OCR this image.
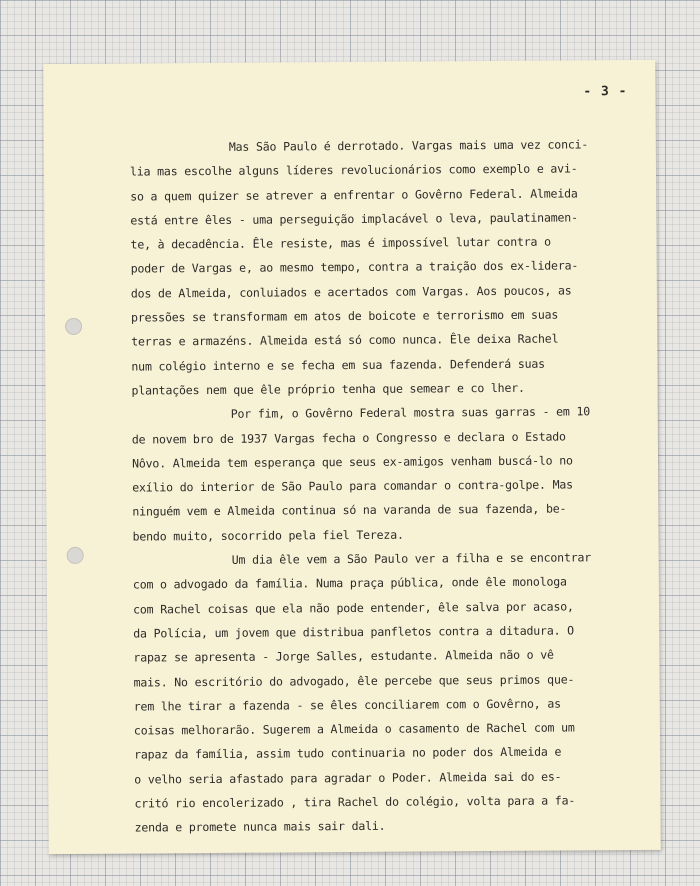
- 3 -
Mas São Paulo é derrotado. Vargas mais uma vez conci-
lia mas escolhe alguns líderes revolucionários como exemplo e avi-
so a quem quizer se atrever a enfrentar o Govêrno Federal. Almeida
está entre êles - uma perseguição implacável o leva, paulatinamen-
te, à decadência. Êle resiste, mas é impossível lutar contra o
poder de Vargas e, ao mesmo tempo, contra a traição dos ex-lidera-
dos de Almeida, conluiados e acertados com Vargas. Aos poucos, as
pressões se transformam em atos de boicote e terrorismo em suas
terras e armazéns. Almeida está só como nunca. Êle deixa Rachel
num colégio interno e se fecha em sua fazenda. Defenderá suas
plantações nem que êle próprio tenha que semear e co lher.
Por fim, o Govêrno Federal mostra suas garras - em 10
de novem bro de 1937 Vargas fecha o Congresso e declara o Estado
Nôvo. Almeida tem esperança que seus ex-amigos venham buscá-lo no
exílio do interior de São Paulo para comandar o contra-golpe. Mas
ninguém vem e Almeida continua só na varanda de sua fazenda, be-
bendo muito, socorrido pela fiel Tereza.
Um dia êle vem a São Paulo ver a filha e se encontrar
com o advogado da família. Numa praça pública, onde êle monologa
com Rachel coisas que ela não pode entender, êle salva por acaso,
da Polícia, um jovem que distribua panfletos contra a ditadura. O
rapaz se apresenta - Jorge Salles, estudante. Almeida não o vê
mais. No escritório do advogado, êle percebe que seus primos que-
rem lhe tirar a fazenda - se êles conciliarem com o Govêrno, as
coisas melhorarão. Sugerem a Almeida o casamento de Rachel com um
rapaz da família, assim tudo continuaria no poder dos Almeida e
o velho seria afastado para agradar o Poder. Almeida sai do es-
critó rio encolerizado , tira Rachel do colégio, volta para a fa-
zenda e promete nunca mais sair dali.
